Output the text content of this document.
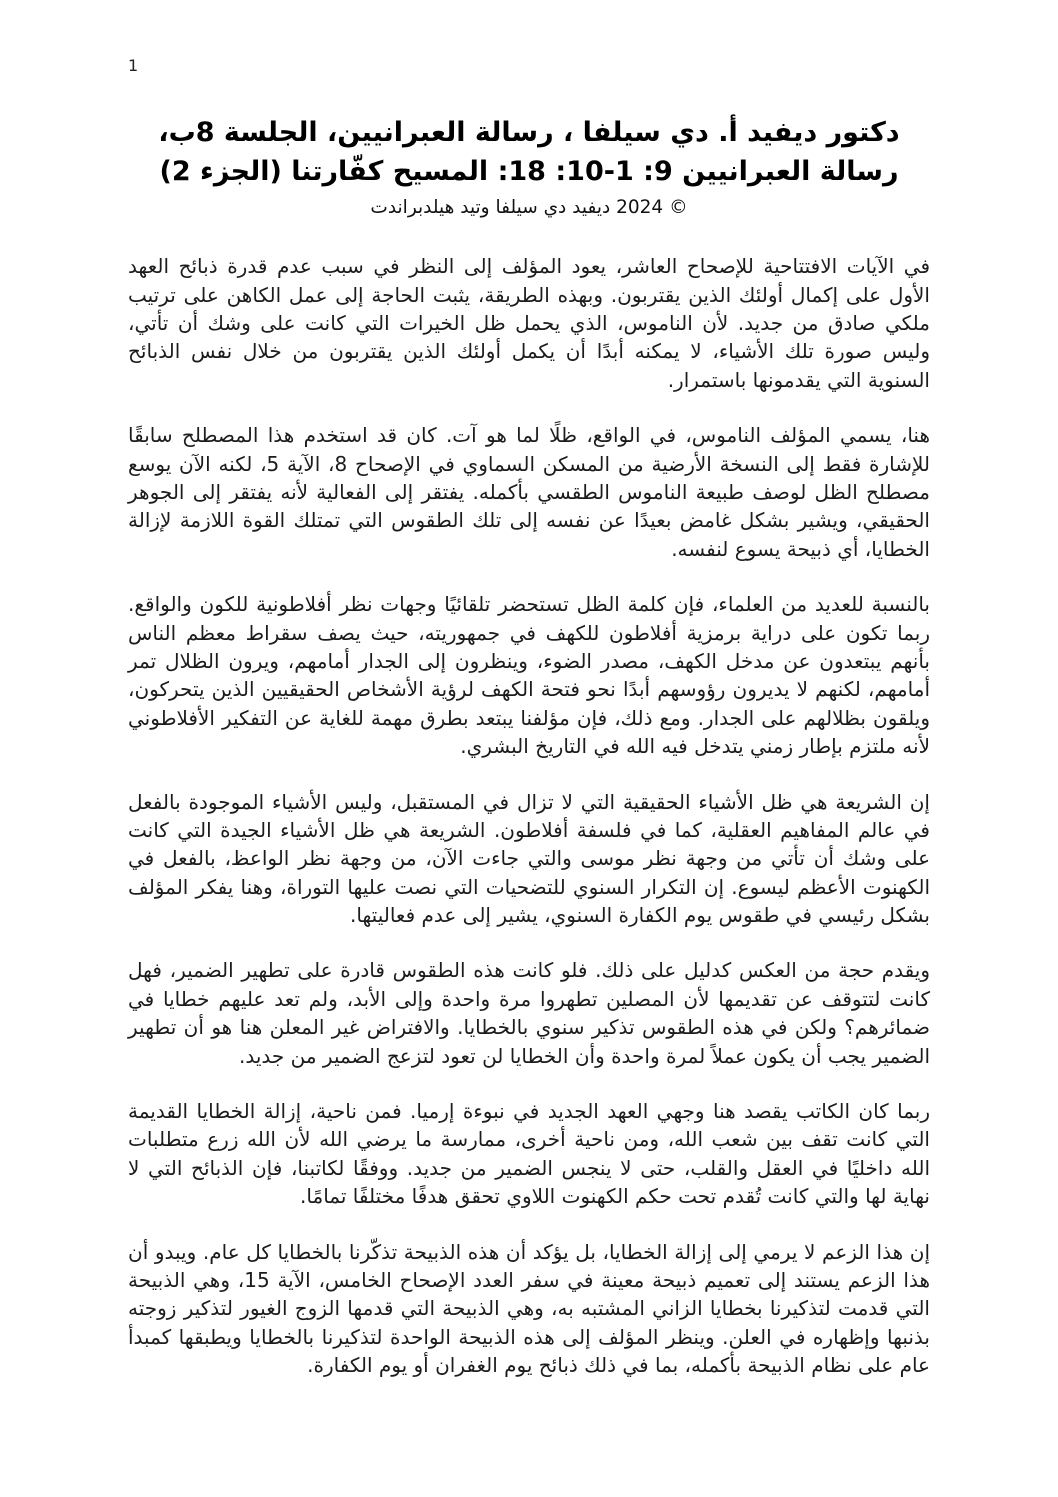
1
دكتور ديفيد أ. دي سيلفا ، رسالة العبرانيين، الجلسة 8ب،
رسالة العبرانيين 9: 1-10: 18: المسيح كفّارتنا (الجزء 2)
© 2024 ديفيد دي سيلفا وتيد هيلدبراندت

في الآيات الافتتاحية للإصحاح العاشر، يعود المؤلف إلى النظر في سبب عدم قدرة ذبائح العهد الأول على إكمال أولئك الذين يقتربون. وبهذه الطريقة، يثبت الحاجة إلى عمل الكاهن على ترتيب ملكي صادق من جديد. لأن الناموس، الذي يحمل ظل الخيرات التي كانت على وشك أن تأتي، وليس صورة تلك الأشياء، لا يمكنه أبدًا أن يكمل أولئك الذين يقتربون من خلال نفس الذبائح السنوية التي يقدمونها باستمرار.

هنا، يسمي المؤلف الناموس، في الواقع، ظلًا لما هو آت. كان قد استخدم هذا المصطلح سابقًا للإشارة فقط إلى النسخة الأرضية من المسكن السماوي في الإصحاح 8، الآية 5، لكنه الآن يوسع مصطلح الظل لوصف طبيعة الناموس الطقسي بأكمله. يفتقر إلى الفعالية لأنه يفتقر إلى الجوهر الحقيقي، ويشير بشكل غامض بعيدًا عن نفسه إلى تلك الطقوس التي تمتلك القوة اللازمة لإزالة الخطايا، أي ذبيحة يسوع لنفسه.

بالنسبة للعديد من العلماء، فإن كلمة الظل تستحضر تلقائيًا وجهات نظر أفلاطونية للكون والواقع. ربما تكون على دراية برمزية أفلاطون للكهف في جمهوريته، حيث يصف سقراط معظم الناس بأنهم يبتعدون عن مدخل الكهف، مصدر الضوء، وينظرون إلى الجدار أمامهم، ويرون الظلال تمر أمامهم، لكنهم لا يديرون رؤوسهم أبدًا نحو فتحة الكهف لرؤية الأشخاص الحقيقيين الذين يتحركون، ويلقون بظلالهم على الجدار. ومع ذلك، فإن مؤلفنا يبتعد بطرق مهمة للغاية عن التفكير الأفلاطوني لأنه ملتزم بإطار زمني يتدخل فيه الله في التاريخ البشري.

إن الشريعة هي ظل الأشياء الحقيقية التي لا تزال في المستقبل، وليس الأشياء الموجودة بالفعل في عالم المفاهيم العقلية، كما في فلسفة أفلاطون. الشريعة هي ظل الأشياء الجيدة التي كانت على وشك أن تأتي من وجهة نظر موسى والتي جاءت الآن، من وجهة نظر الواعظ، بالفعل في الكهنوت الأعظم ليسوع. إن التكرار السنوي للتضحيات التي نصت عليها التوراة، وهنا يفكر المؤلف بشكل رئيسي في طقوس يوم الكفارة السنوي، يشير إلى عدم فعاليتها.

ويقدم حجة من العكس كدليل على ذلك. فلو كانت هذه الطقوس قادرة على تطهير الضمير، فهل كانت لتتوقف عن تقديمها لأن المصلين تطهروا مرة واحدة وإلى الأبد، ولم تعد عليهم خطايا في ضمائرهم؟ ولكن في هذه الطقوس تذكير سنوي بالخطايا. والافتراض غير المعلن هنا هو أن تطهير الضمير يجب أن يكون عملاً لمرة واحدة وأن الخطايا لن تعود لتزعج الضمير من جديد.

ربما كان الكاتب يقصد هنا وجهي العهد الجديد في نبوءة إرميا. فمن ناحية، إزالة الخطايا القديمة التي كانت تقف بين شعب الله، ومن ناحية أخرى، ممارسة ما يرضي الله لأن الله زرع متطلبات الله داخليًا في العقل والقلب، حتى لا ينجس الضمير من جديد. ووفقًا لكاتبنا، فإن الذبائح التي لا نهاية لها والتي كانت تُقدم تحت حكم الكهنوت اللاوي تحقق هدفًا مختلفًا تمامًا.

إن هذا الزعم لا يرمي إلى إزالة الخطايا، بل يؤكد أن هذه الذبيحة تذكّرنا بالخطايا كل عام. ويبدو أن هذا الزعم يستند إلى تعميم ذبيحة معينة في سفر العدد الإصحاح الخامس، الآية 15، وهي الذبيحة التي قدمت لتذكيرنا بخطايا الزاني المشتبه به، وهي الذبيحة التي قدمها الزوج الغيور لتذكير زوجته بذنبها وإظهاره في العلن. وينظر المؤلف إلى هذه الذبيحة الواحدة لتذكيرنا بالخطايا ويطبقها كمبدأ عام على نظام الذبيحة بأكمله، بما في ذلك ذبائح يوم الغفران أو يوم الكفارة.
